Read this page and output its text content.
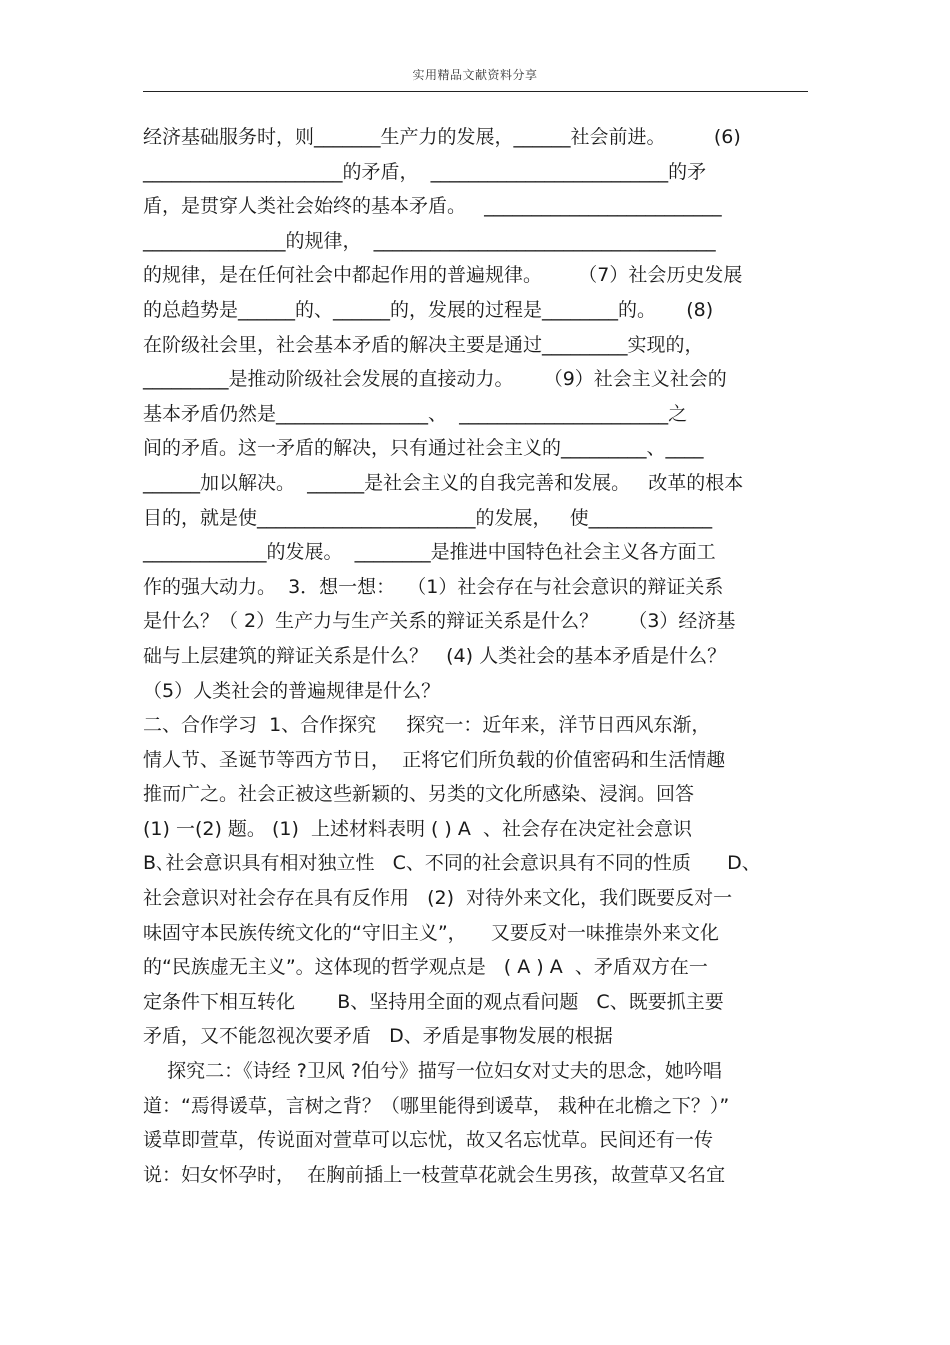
实用精品文献资料分享
经济基础服务时，则_______生产力的发展，______社会前进。        (6)
_____________________的矛盾，  _________________________的矛
盾，是贯穿人类社会始终的基本矛盾。   _________________________
_______________的规律，  ____________________________________
的规律，是在任何社会中都起作用的普遍规律。      （7）社会历史发展
的总趋势是______的、______的，发展的过程是________的。     (8)
在阶级社会里，社会基本矛盾的解决主要是通过_________实现的，
_________是推动阶级社会发展的直接动力。     （9）社会主义社会的
基本矛盾仍然是________________、  ______________________之
间的矛盾。这一矛盾的解决，只有通过社会主义的_________、____
______加以解决。  ______是社会主义的自我完善和发展。   改革的根本
目的，就是使_______________________的发展，   使_____________
_____________的发展。  ________是推进中国特色社会主义各方面工
作的强大动力。  3．想一想：  （1）社会存在与社会意识的辩证关系
是什么？（ 2）生产力与生产关系的辩证关系是什么？     （3）经济基
础与上层建筑的辩证关系是什么？   (4) 人类社会的基本矛盾是什么？
（5）人类社会的普遍规律是什么？
二、合作学习  1、合作探究     探究一：近年来，洋节日西风东渐，
情人节、圣诞节等西方节日，  正将它们所负载的价值密码和生活情趣
推而广之。社会正被这些新颖的、另类的文化所感染、浸润。回答
(1) 一(2) 题。 (1)  上述材料表明 ( ) A  、社会存在决定社会意识
B､社会意识具有相对独立性   C、不同的社会意识具有不同的性质      D、
社会意识对社会存在具有反作用   (2)  对待外来文化，我们既要反对一
味固守本民族传统文化的“守旧主义”，    又要反对一味推崇外来文化
的“民族虚无主义”。这体现的哲学观点是   ( A ) A  、矛盾双方在一
定条件下相互转化       B、坚持用全面的观点看问题   C、既要抓主要
矛盾，又不能忽视次要矛盾   D、矛盾是事物发展的根据
探究二：《诗经 ?卫风 ?伯兮》描写一位妇女对丈夫的思念，她吟唱
道：“焉得谖草，言树之背？（哪里能得到谖草， 栽种在北檐之下？）”
谖草即萱草，传说面对萱草可以忘忧，故又名忘忧草。民间还有一传
说：妇女怀孕时，  在胸前插上一枝萱草花就会生男孩，故萱草又名宜
